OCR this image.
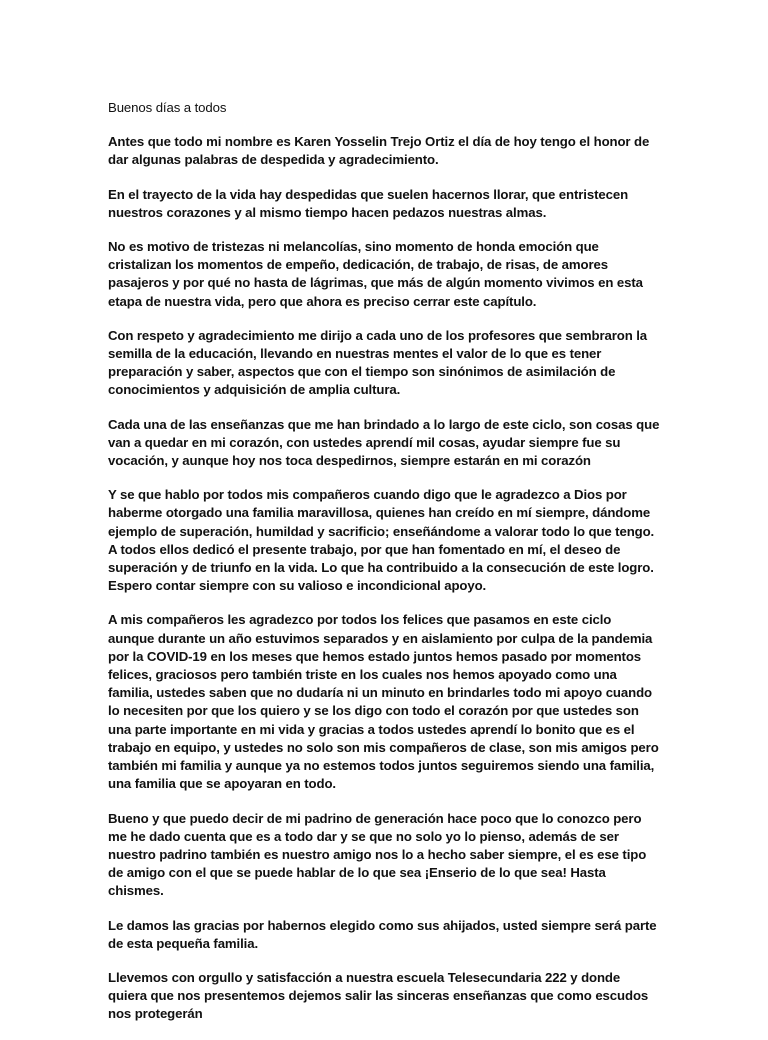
Buenos días a todos

Antes que todo mi nombre es Karen Yosselin Trejo Ortiz el día de hoy tengo el honor de dar algunas palabras de despedida y agradecimiento.

En el trayecto de la vida hay despedidas que suelen hacernos llorar, que entristecen nuestros corazones y al mismo tiempo hacen pedazos nuestras almas.

No es motivo de tristezas ni melancolías, sino momento de honda emoción que cristalizan los momentos de empeño, dedicación, de trabajo, de risas, de amores pasajeros y por qué no hasta de lágrimas, que más de algún momento vivimos en esta etapa de nuestra vida, pero que ahora es preciso cerrar este capítulo.

Con respeto y agradecimiento me dirijo a cada uno de los profesores que sembraron la semilla de la educación, llevando en nuestras mentes el valor de lo que es tener preparación y saber, aspectos que con el tiempo son sinónimos de asimilación de conocimientos y adquisición de amplia cultura.

Cada una de las enseñanzas que me han brindado a lo largo de este ciclo, son cosas que van a quedar en mi corazón, con ustedes aprendí mil cosas, ayudar siempre fue su vocación, y aunque hoy nos toca despedirnos, siempre estarán en mi corazón

Y se que hablo por todos mis compañeros cuando digo que le agradezco a Dios por haberme otorgado una familia maravillosa, quienes han creído en mí siempre, dándome ejemplo de superación, humildad y sacrificio; enseñándome a valorar todo lo que tengo. A todos ellos dedicó el presente trabajo, por que han fomentado en mí, el deseo de superación y de triunfo en la vida. Lo que ha contribuido a la consecución de este logro. Espero contar siempre con su valioso e incondicional apoyo.

A mis compañeros les agradezco por todos los felices que pasamos en este ciclo aunque durante un año estuvimos separados y en aislamiento por culpa de la pandemia por la COVID-19 en los meses que hemos estado juntos hemos pasado por momentos felices, graciosos pero también triste en los cuales nos hemos apoyado como una familia, ustedes saben que no dudaría ni un minuto en brindarles todo mi apoyo cuando lo necesiten por que los quiero y se los digo con todo el corazón por que ustedes son una parte importante en mi vida y gracias a todos ustedes aprendí lo bonito que es el trabajo en equipo, y ustedes no solo son mis compañeros de clase, son mis amigos pero también mi familia y aunque ya no estemos todos juntos seguiremos siendo una familia, una familia que se apoyaran en todo.

Bueno y que puedo decir de mi padrino de generación hace poco que lo conozco pero me he dado cuenta que es a todo dar y se que no solo yo lo pienso, además de ser nuestro padrino también es nuestro amigo nos lo a hecho saber siempre, el es ese tipo de amigo con el que se puede hablar de lo que sea ¡Enserio de lo que sea! Hasta chismes.

Le damos las gracias por habernos elegido como sus ahijados, usted siempre será parte de esta pequeña familia.

Llevemos con orgullo y satisfacción a nuestra escuela Telesecundaria 222 y donde quiera que nos presentemos dejemos salir las sinceras enseñanzas que como escudos nos protegerán
